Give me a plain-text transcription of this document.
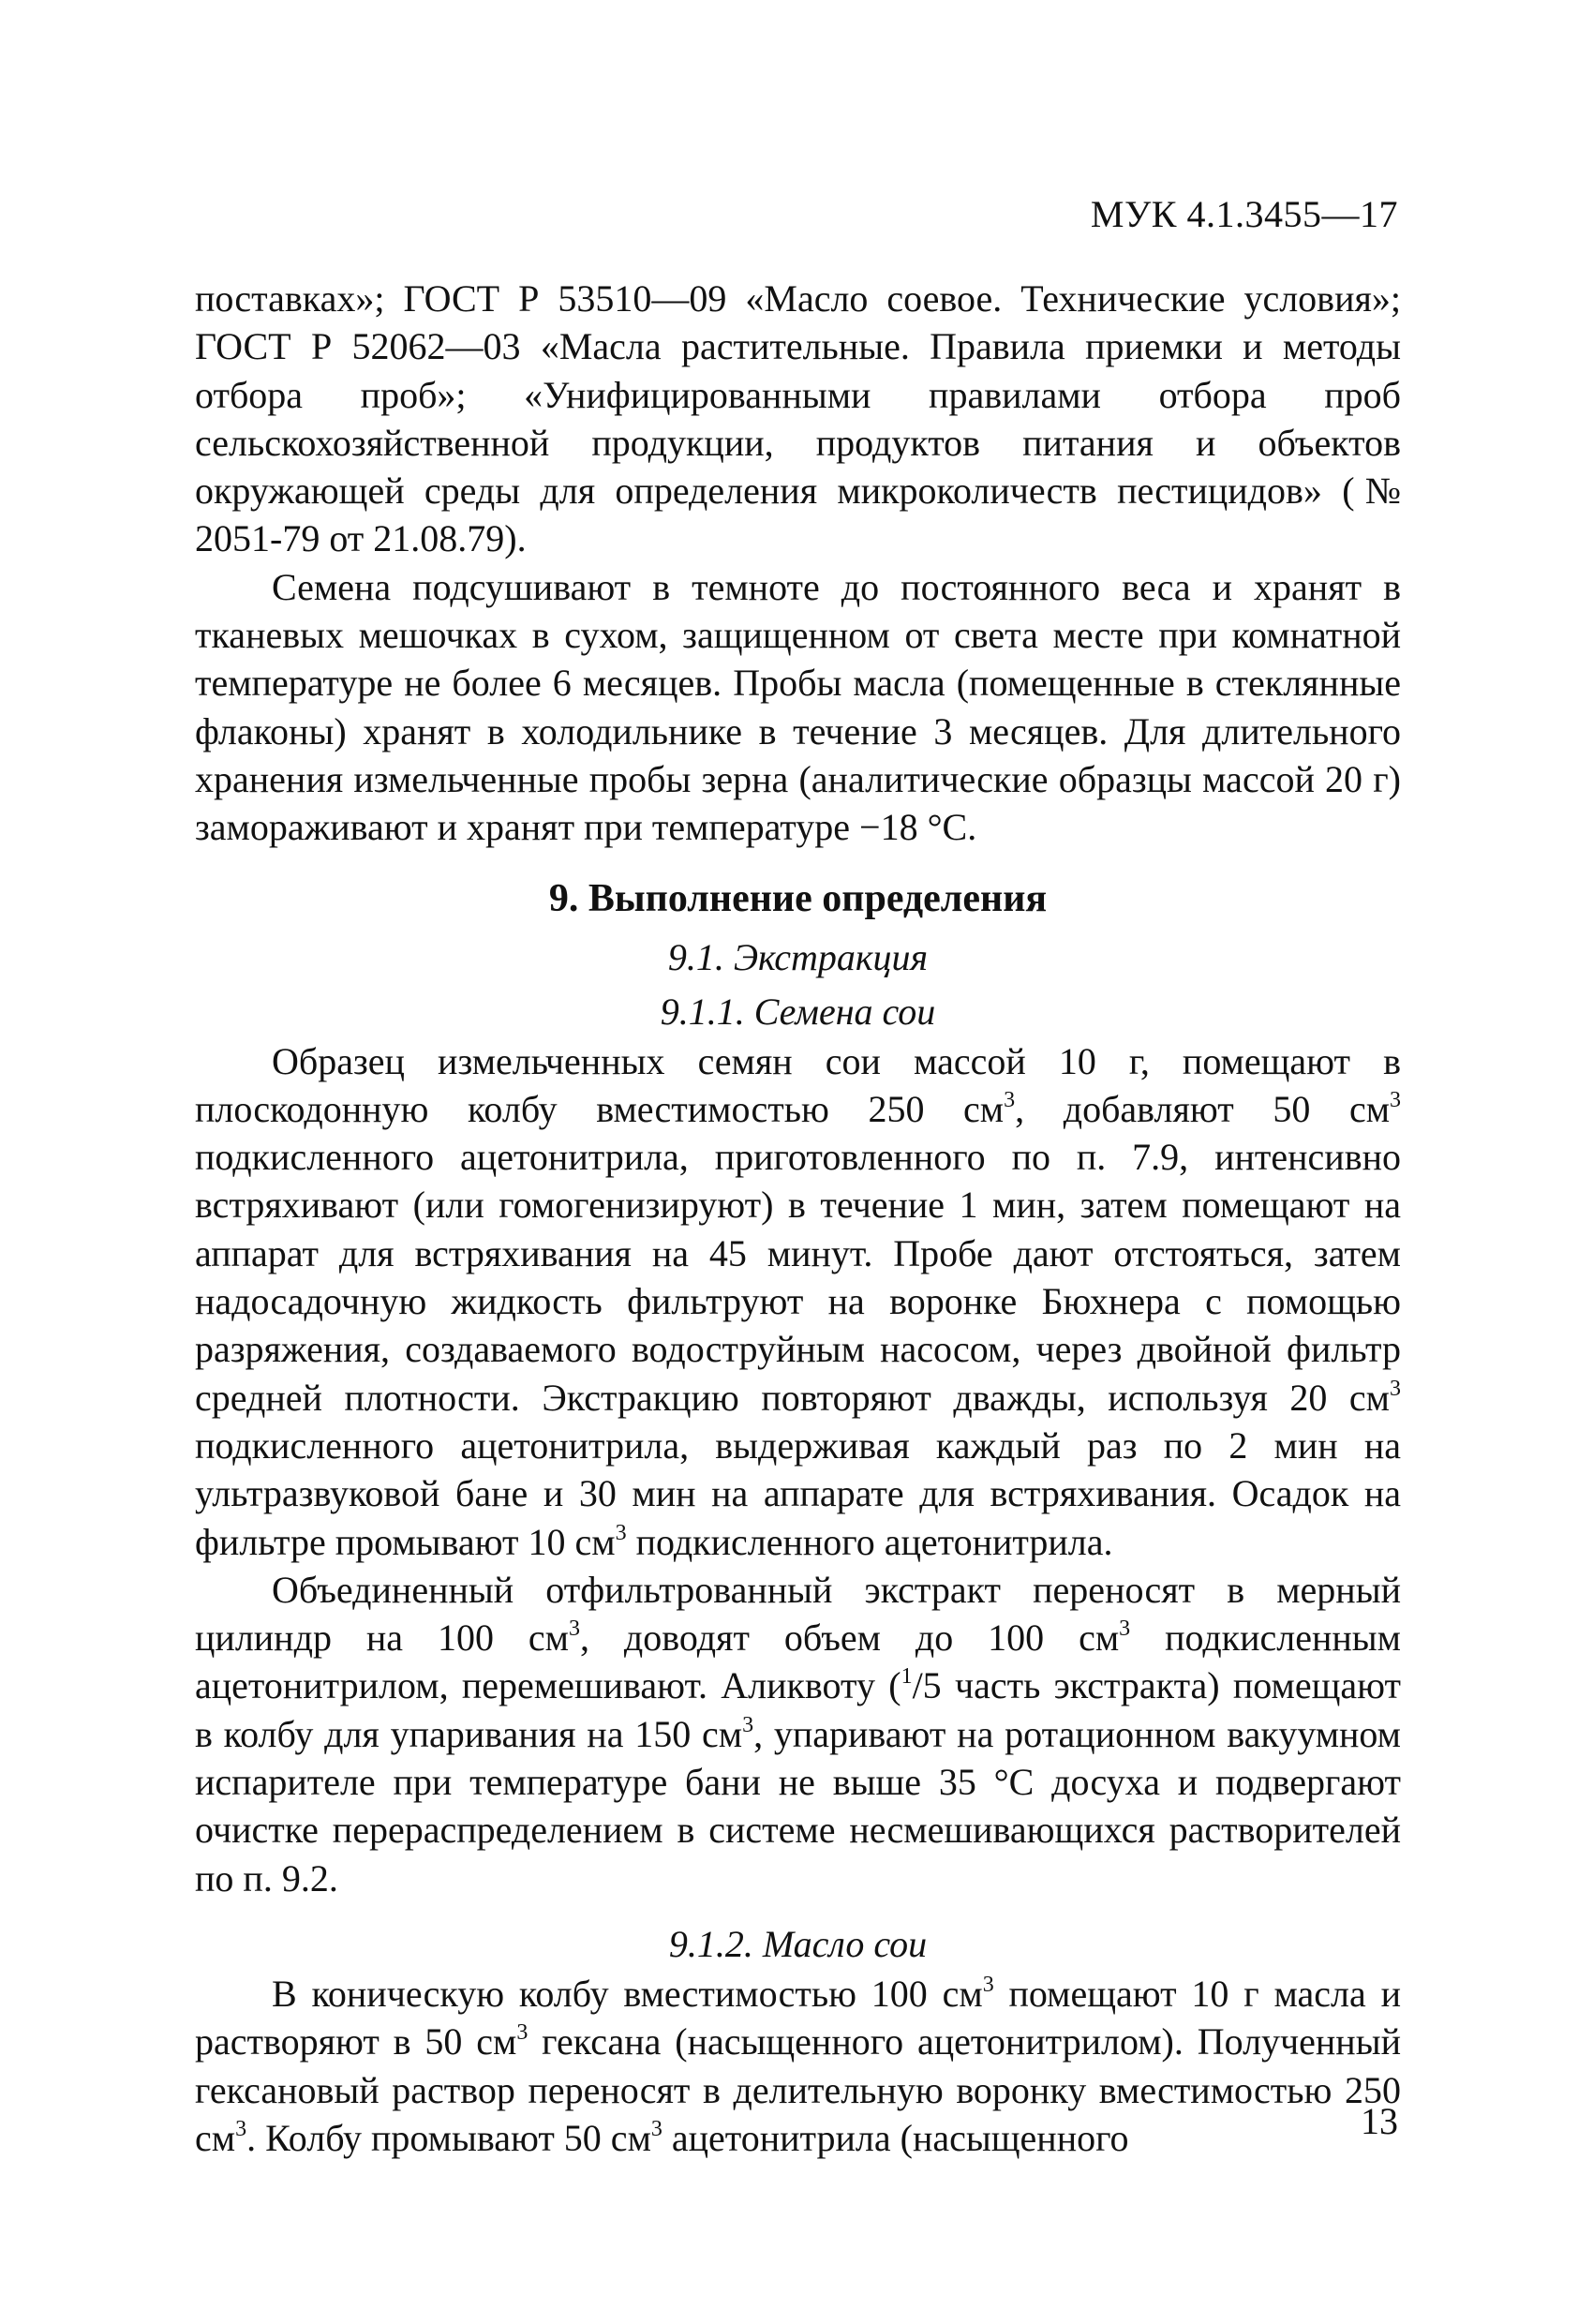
МУК 4.1.3455—17

поставках»; ГОСТ Р 53510—09 «Масло соевое. Технические условия»; ГОСТ Р 52062—03 «Масла растительные. Правила приемки и методы отбора проб»; «Унифицированными правилами отбора проб сельскохозяйственной продукции, продуктов питания и объектов окружающей среды для определения микроколичеств пестицидов» (№ 2051-79 от 21.08.79).

Семена подсушивают в темноте до постоянного веса и хранят в тканевых мешочках в сухом, защищенном от света месте при комнатной температуре не более 6 месяцев. Пробы масла (помещенные в стеклянные флаконы) хранят в холодильнике в течение 3 месяцев. Для длительного хранения измельченные пробы зерна (аналитические образцы массой 20 г) замораживают и хранят при температуре −18 °С.

9. Выполнение определения
9.1. Экстракция
9.1.1. Семена сои

Образец измельченных семян сои массой 10 г, помещают в плоскодонную колбу вместимостью 250 $см^3$, добавляют 50 $см^3$ подкисленного ацетонитрила, приготовленного по п. 7.9, интенсивно встряхивают (или гомогенизируют) в течение 1 мин, затем помещают на аппарат для встряхивания на 45 минут. Пробе дают отстояться, затем надосадочную жидкость фильтруют на воронке Бюхнера с помощью разряжения, создаваемого водоструйным насосом, через двойной фильтр средней плотности. Экстракцию повторяют дважды, используя 20 $см^3$ подкисленного ацетонитрила, выдерживая каждый раз по 2 мин на ультразвуковой бане и 30 мин на аппарате для встряхивания. Осадок на фильтре промывают 10 $см^3$ подкисленного ацетонитрила.

Объединенный отфильтрованный экстракт переносят в мерный цилиндр на 100 $см^3$, доводят объем до 100 $см^3$ подкисленным ацетонитрилом, перемешивают. Аликвоту ($^1$/5 часть экстракта) помещают в колбу для упаривания на 150 $см^3$, упаривают на ротационном вакуумном испарителе при температуре бани не выше 35 °С досуха и подвергают очистке перераспределением в системе несмешивающихся растворителей по п. 9.2.

9.1.2. Масло сои

В коническую колбу вместимостью 100 $см^3$ помещают 10 г масла и растворяют в 50 $см^3$ гексана (насыщенного ацетонитрилом). Полученный гексановый раствор переносят в делительную воронку вместимостью 250 $см^3$. Колбу промывают 50 $см^3$ ацетонитрила (насыщенного	13
